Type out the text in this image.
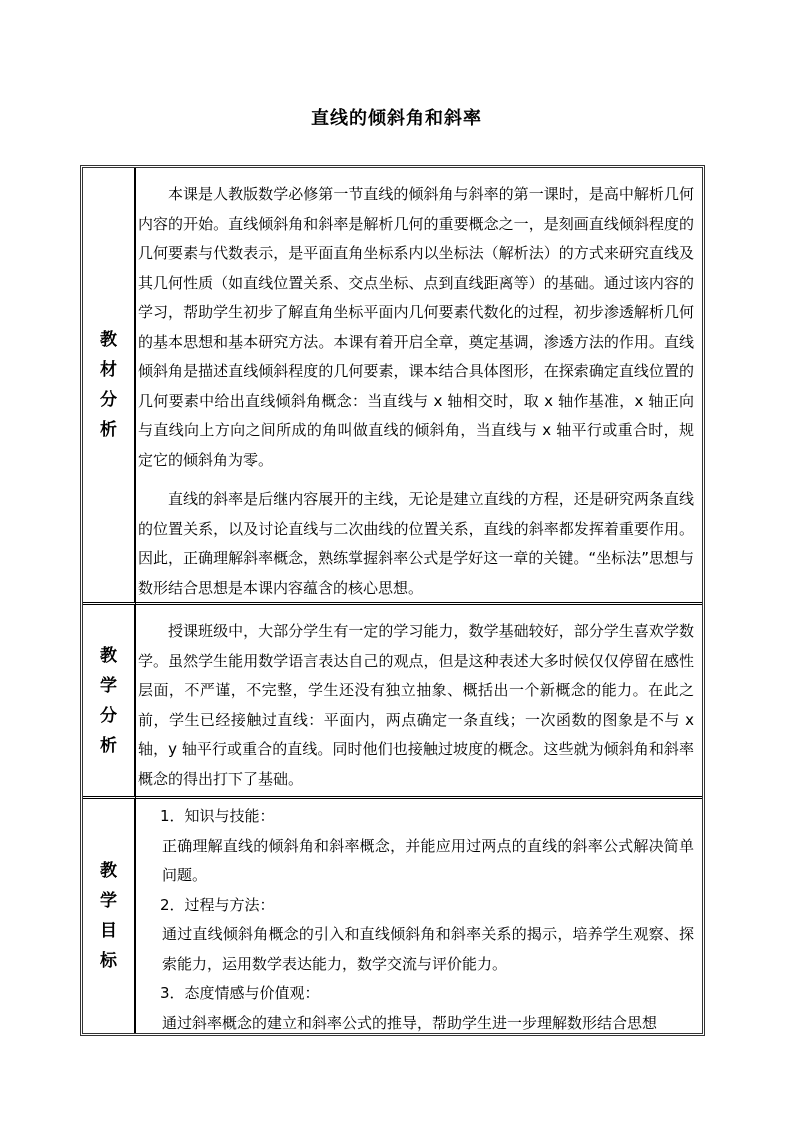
直线的倾斜角和斜率
教
材
分
析

本课是人教版数学必修第一节直线的倾斜角与斜率的第一课时，是高中解析几何内容的开始。直线倾斜角和斜率是解析几何的重要概念之一，是刻画直线倾斜程度的几何要素与代数表示，是平面直角坐标系内以坐标法（解析法）的方式来研究直线及其几何性质（如直线位置关系、交点坐标、点到直线距离等）的基础。通过该内容的学习，帮助学生初步了解直角坐标平面内几何要素代数化的过程，初步渗透解析几何的基本思想和基本研究方法。本课有着开启全章，奠定基调，渗透方法的作用。直线倾斜角是描述直线倾斜程度的几何要素，课本结合具体图形，在探索确定直线位置的几何要素中给出直线倾斜角概念：当直线与 x 轴相交时，取 x 轴作基准，x 轴正向与直线向上方向之间所成的角叫做直线的倾斜角，当直线与 x 轴平行或重合时，规定它的倾斜角为零。

直线的斜率是后继内容展开的主线，无论是建立直线的方程，还是研究两条直线的位置关系，以及讨论直线与二次曲线的位置关系，直线的斜率都发挥着重要作用。因此，正确理解斜率概念，熟练掌握斜率公式是学好这一章的关键。“坐标法”思想与数形结合思想是本课内容蕴含的核心思想。

教
学
分
析

授课班级中，大部分学生有一定的学习能力，数学基础较好，部分学生喜欢学数学。虽然学生能用数学语言表达自己的观点，但是这种表述大多时候仅仅停留在感性层面，不严谨，不完整，学生还没有独立抽象、概括出一个新概念的能力。在此之前，学生已经接触过直线：平面内，两点确定一条直线；一次函数的图象是不与 x 轴，y 轴平行或重合的直线。同时他们也接触过坡度的概念。这些就为倾斜角和斜率概念的得出打下了基础。

教
学
目
标

1．知识与技能：

正确理解直线的倾斜角和斜率概念，并能应用过两点的直线的斜率公式解决简单问题。

2．过程与方法：

通过直线倾斜角概念的引入和直线倾斜角和斜率关系的揭示，培养学生观察、探索能力，运用数学表达能力，数学交流与评价能力。

3．态度情感与价值观：

通过斜率概念的建立和斜率公式的推导，帮助学生进一步理解数形结合思想
